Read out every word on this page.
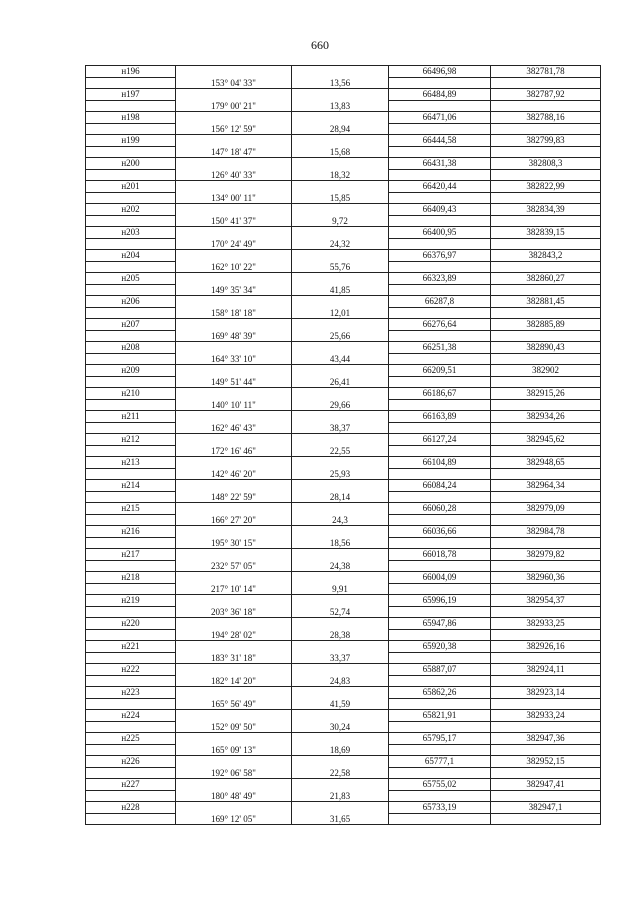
660
н196			66496,98	382781,78
	153° 04' 33"	13,56		
н197			66484,89	382787,92
	179° 00' 21"	13,83		
н198			66471,06	382788,16
	156° 12' 59"	28,94		
н199			66444,58	382799,83
	147° 18' 47"	15,68		
н200			66431,38	382808,3
	126° 40' 33"	18,32		
н201			66420,44	382822,99
	134° 00' 11"	15,85		
н202			66409,43	382834,39
	150° 41' 37"	9,72		
н203			66400,95	382839,15
	170° 24' 49"	24,32		
н204			66376,97	382843,2
	162° 10' 22"	55,76		
н205			66323,89	382860,27
	149° 35' 34"	41,85		
н206			66287,8	382881,45
	158° 18' 18"	12,01		
н207			66276,64	382885,89
	169° 48' 39"	25,66		
н208			66251,38	382890,43
	164° 33' 10"	43,44		
н209			66209,51	382902
	149° 51' 44"	26,41		
н210			66186,67	382915,26
	140° 10' 11"	29,66		
н211			66163,89	382934,26
	162° 46' 43"	38,37		
н212			66127,24	382945,62
	172° 16' 46"	22,55		
н213			66104,89	382948,65
	142° 46' 20"	25,93		
н214			66084,24	382964,34
	148° 22' 59"	28,14		
н215			66060,28	382979,09
	166° 27' 20"	24,3		
н216			66036,66	382984,78
	195° 30' 15"	18,56		
н217			66018,78	382979,82
	232° 57' 05"	24,38		
н218			66004,09	382960,36
	217° 10' 14"	9,91		
н219			65996,19	382954,37
	203° 36' 18"	52,74		
н220			65947,86	382933,25
	194° 28' 02"	28,38		
н221			65920,38	382926,16
	183° 31' 18"	33,37		
н222			65887,07	382924,11
	182° 14' 20"	24,83		
н223			65862,26	382923,14
	165° 56' 49"	41,59		
н224			65821,91	382933,24
	152° 09' 50"	30,24		
н225			65795,17	382947,36
	165° 09' 13"	18,69		
н226			65777,1	382952,15
	192° 06' 58"	22,58		
н227			65755,02	382947,41
	180° 48' 49"	21,83		
н228			65733,19	382947,1
	169° 12' 05"	31,65		
